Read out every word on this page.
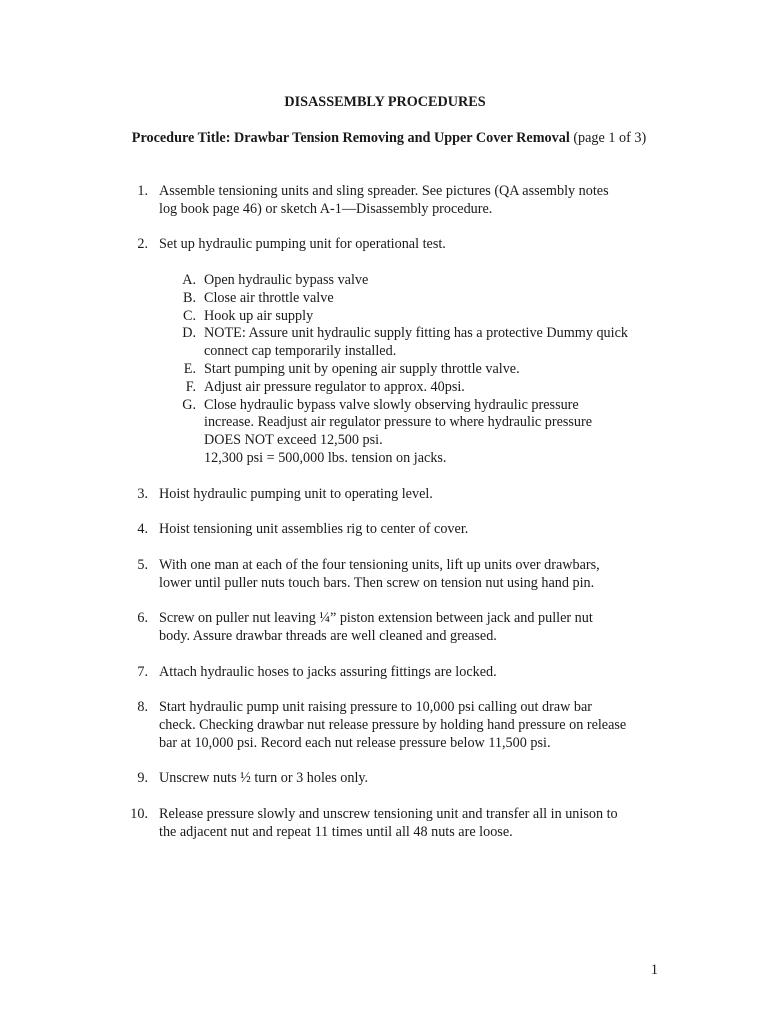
DISASSEMBLY PROCEDURES
Procedure Title: Drawbar Tension Removing and Upper Cover Removal (page 1 of 3)
1. Assemble tensioning units and sling spreader. See pictures (QA assembly notes
log book page 46) or sketch A-1—Disassembly procedure.
2. Set up hydraulic pumping unit for operational test.
A. Open hydraulic bypass valve
B. Close air throttle valve
C. Hook up air supply
D. NOTE: Assure unit hydraulic supply fitting has a protective Dummy quick
connect cap temporarily installed.
E. Start pumping unit by opening air supply throttle valve.
F. Adjust air pressure regulator to approx. 40psi.
G. Close hydraulic bypass valve slowly observing hydraulic pressure
increase. Readjust air regulator pressure to where hydraulic pressure
DOES NOT exceed 12,500 psi.
12,300 psi = 500,000 lbs. tension on jacks.
3. Hoist hydraulic pumping unit to operating level.
4. Hoist tensioning unit assemblies rig to center of cover.
5. With one man at each of the four tensioning units, lift up units over drawbars,
lower until puller nuts touch bars. Then screw on tension nut using hand pin.
6. Screw on puller nut leaving ¼” piston extension between jack and puller nut
body. Assure drawbar threads are well cleaned and greased.
7. Attach hydraulic hoses to jacks assuring fittings are locked.
8. Start hydraulic pump unit raising pressure to 10,000 psi calling out draw bar
check. Checking drawbar nut release pressure by holding hand pressure on release
bar at 10,000 psi. Record each nut release pressure below 11,500 psi.
9. Unscrew nuts ½ turn or 3 holes only.
10. Release pressure slowly and unscrew tensioning unit and transfer all in unison to
the adjacent nut and repeat 11 times until all 48 nuts are loose.
1
